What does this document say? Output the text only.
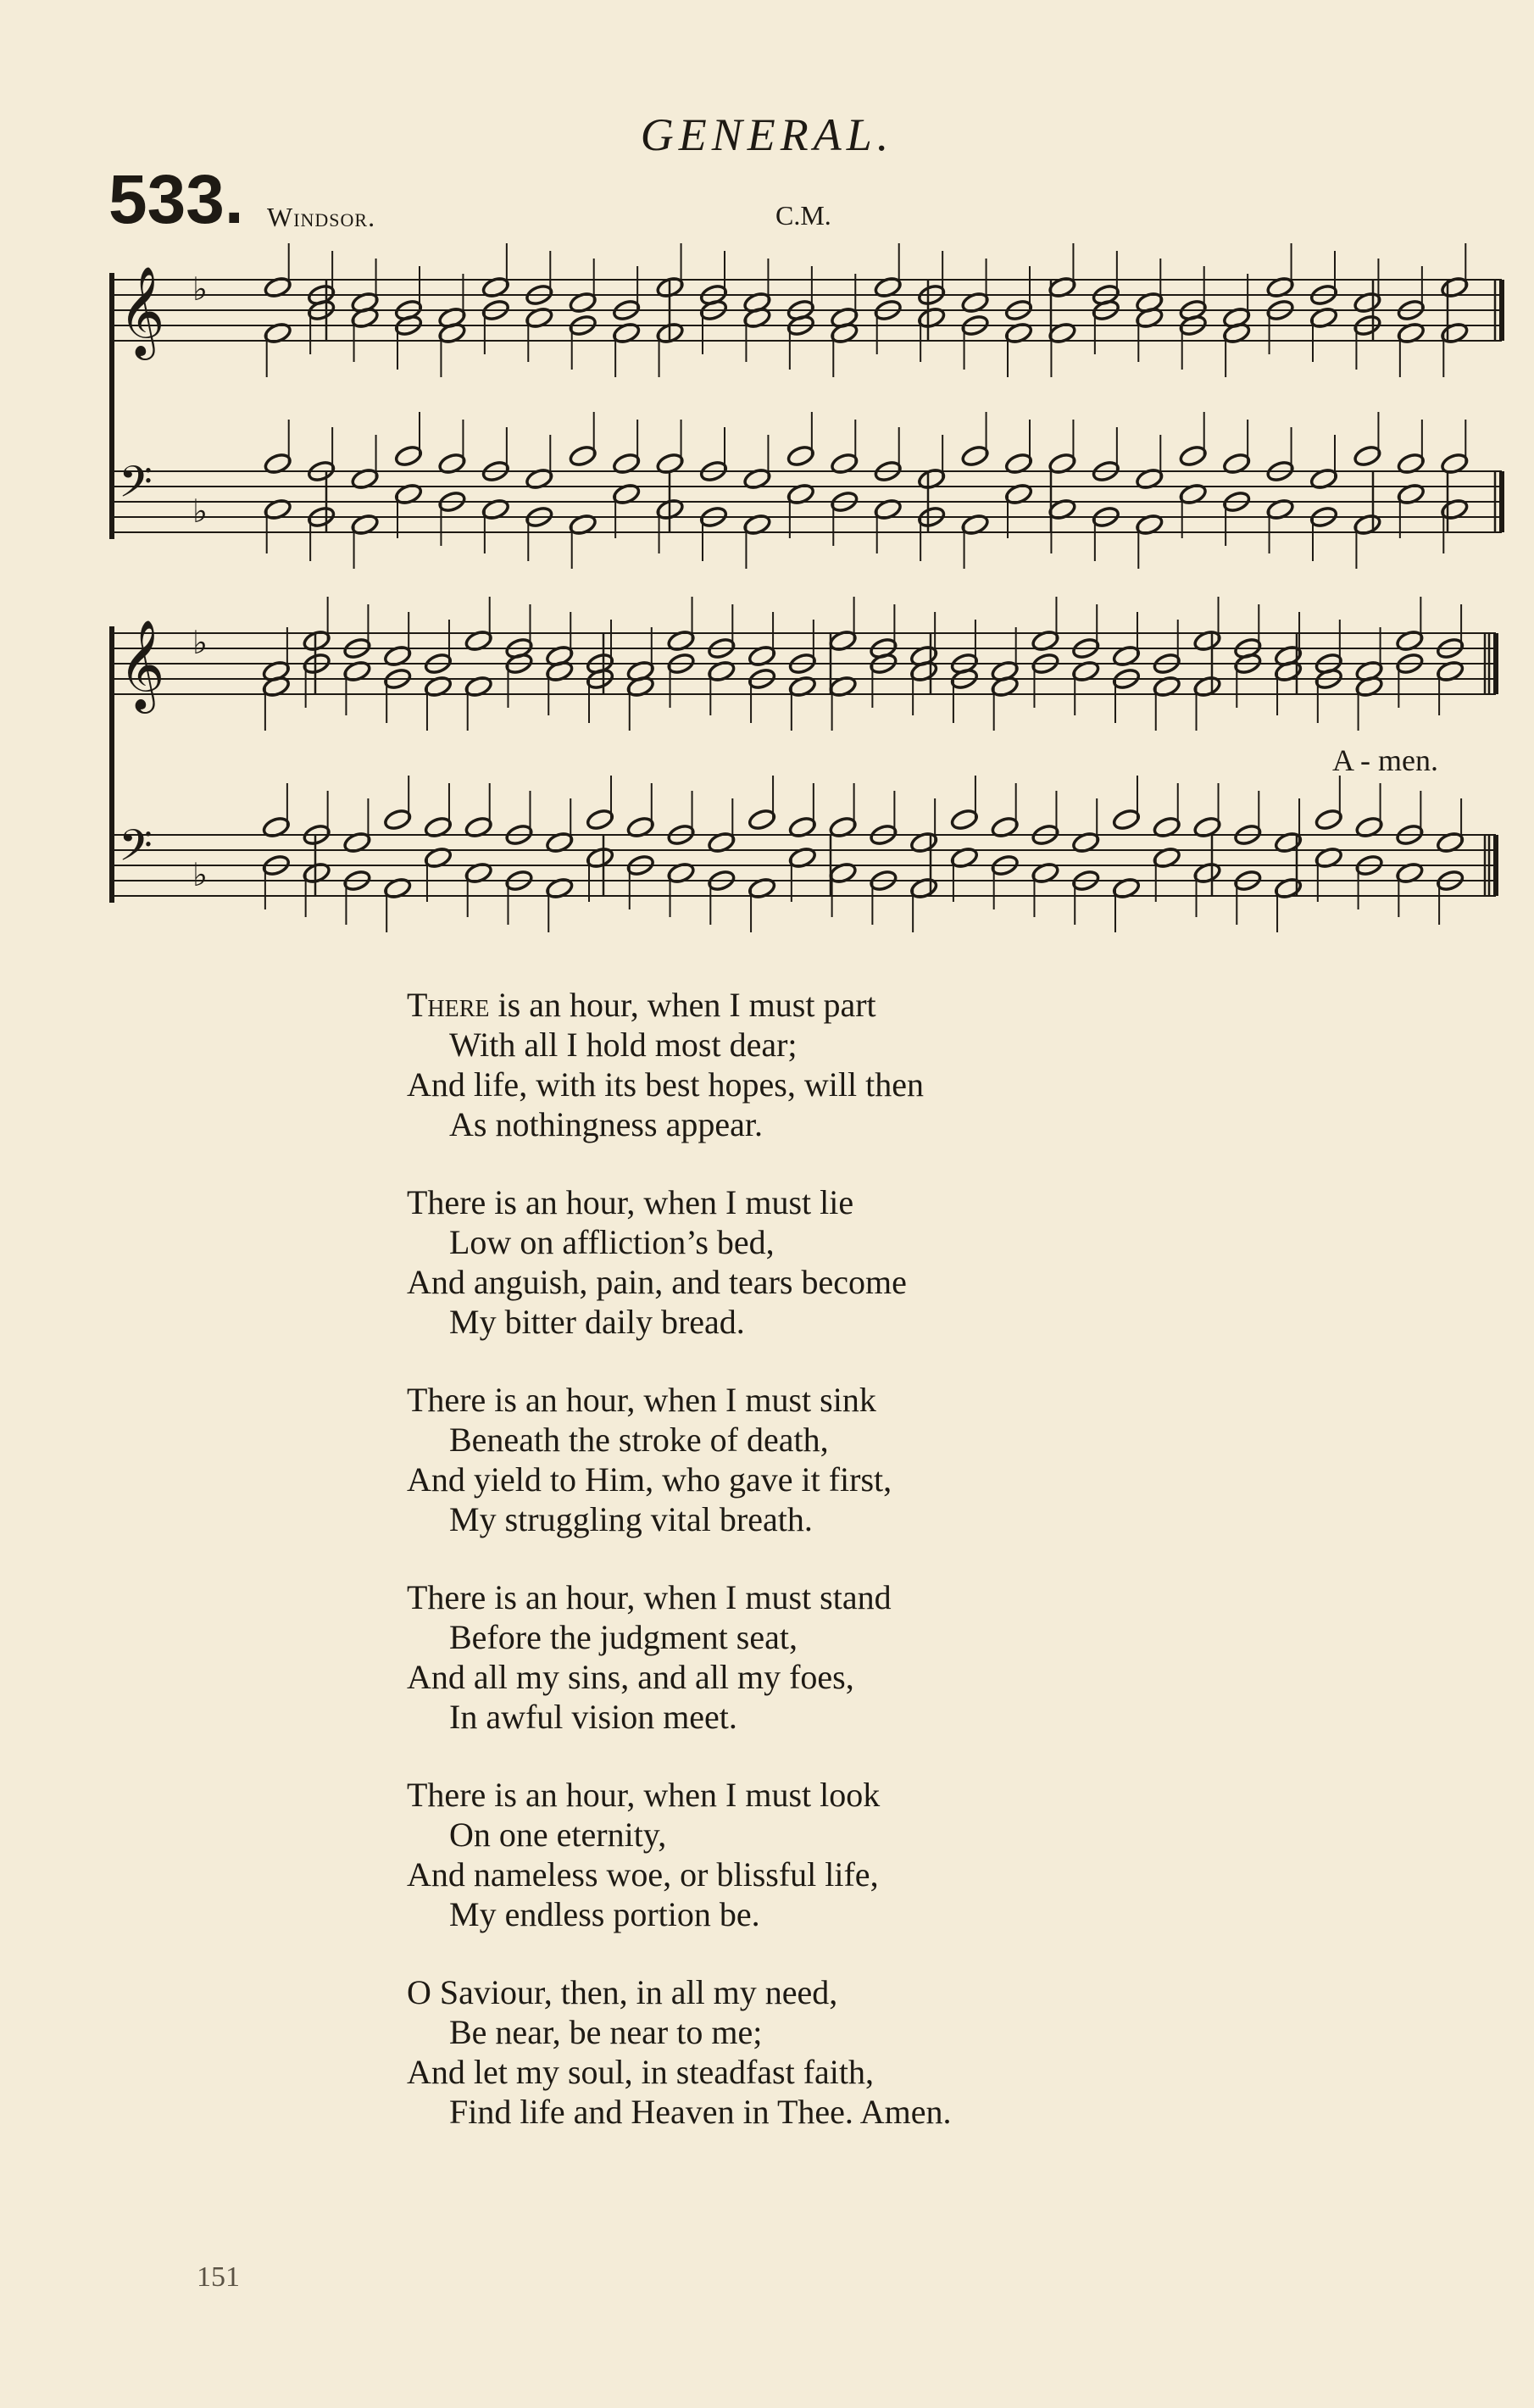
GENERAL.
533. Windsor.	C.M.
𝄞 ♭
𝄢 ♭
𝄞 ♭
𝄢 ♭
A - men.
There is an hour, when I must part
With all I hold most dear;
And life, with its best hopes, will then
As nothingness appear.
There is an hour, when I must lie
Low on affliction’s bed,
And anguish, pain, and tears become
My bitter daily bread.
There is an hour, when I must sink
Beneath the stroke of death,
And yield to Him, who gave it first,
My struggling vital breath.
There is an hour, when I must stand
Before the judgment seat,
And all my sins, and all my foes,
In awful vision meet.
There is an hour, when I must look
On one eternity,
And nameless woe, or blissful life,
My endless portion be.
O Saviour, then, in all my need,
Be near, be near to me;
And let my soul, in steadfast faith,
Find life and Heaven in Thee. Amen.
151
